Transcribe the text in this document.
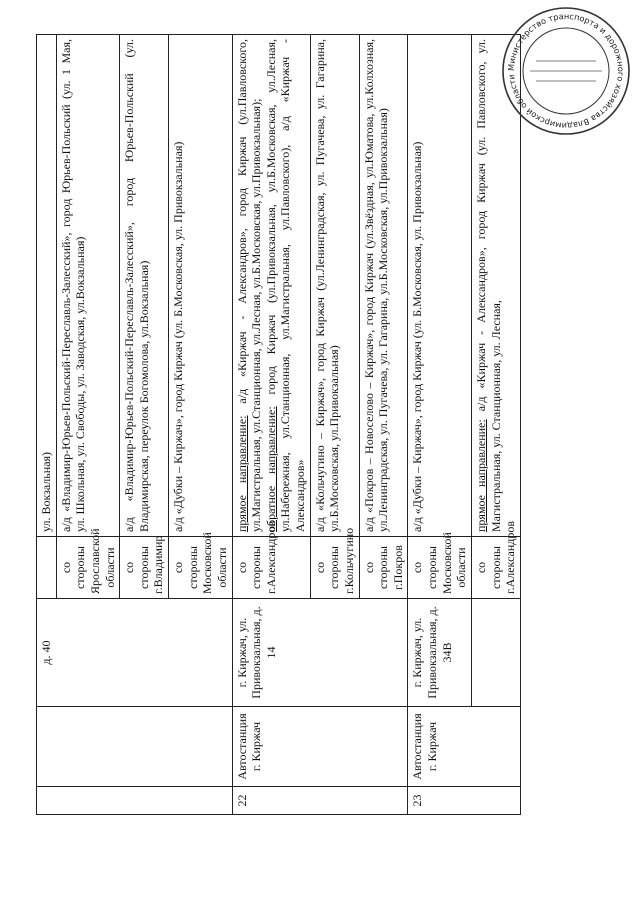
		д. 40		ул. Вокзальная)
			со стороны Ярославской области	а/д «Владимир-Юрьев-Польский-Переславль-Залесский», город Юрьев-Польский (ул. 1 Мая, ул. Школьная, ул. Свободы, ул. Заводская, ул.Вокзальная)
			со стороны г.Владимир	а/д «Владимир-Юрьев-Польский-Переславль-Залесский», город Юрьев-Польский (ул. Владимирская, переулок Богомолова, ул.Вокзальная)
			со стороны Московской области	а/д «Дубки – Киржач», город Киржач (ул. Б.Московская, ул. Привокзальная)
22	Автостанция г. Киржач	г. Киржач, ул. Привокзальная, д. 14	со стороны г.Александров	прямое направление: а/д «Киржач - Александров», город Киржач (ул.Павловского, ул.Магистральная, ул.Станционная, ул.Лесная, ул.Б.Московская, ул.Привокзальная); обратное направление: город Киржач (ул.Привокзальная, ул.Б.Московская, ул.Лесная, ул.Набережная, ул.Станционная, ул.Магистральная, ул.Павловского), а/д «Киржач - Александров»

			со стороны г.Кольчугино	а/д «Кольчугино – Киржач», город Киржач (ул.Ленинградская, ул. Пугачева, ул. Гагарина, ул.Б.Московская, ул.Привокзальная)
			со стороны г.Покров	а/д «Покров – Новоселово – Киржач», город Киржач (ул.Звёздная, ул.Юматова, ул.Колхозная, ул.Ленинградская, ул. Пугачева, ул. Гагарина, ул.Б.Московская, ул.Привокзальная)
23	Автостанция г. Киржач	г. Киржач, ул. Привокзальная, д. 34В	со стороны Московской области	а/д «Дубки – Киржач», город Киржач (ул. Б.Московская, ул. Привокзальная)
			со стороны г.Александров	прямое направление: а/д «Киржач - Александров», город Киржач (ул. Павловского, ул. Магистральная, ул. Станционная, ул. Лесная,
Министерство транспорта и дорожного хозяйства Владимирской области
